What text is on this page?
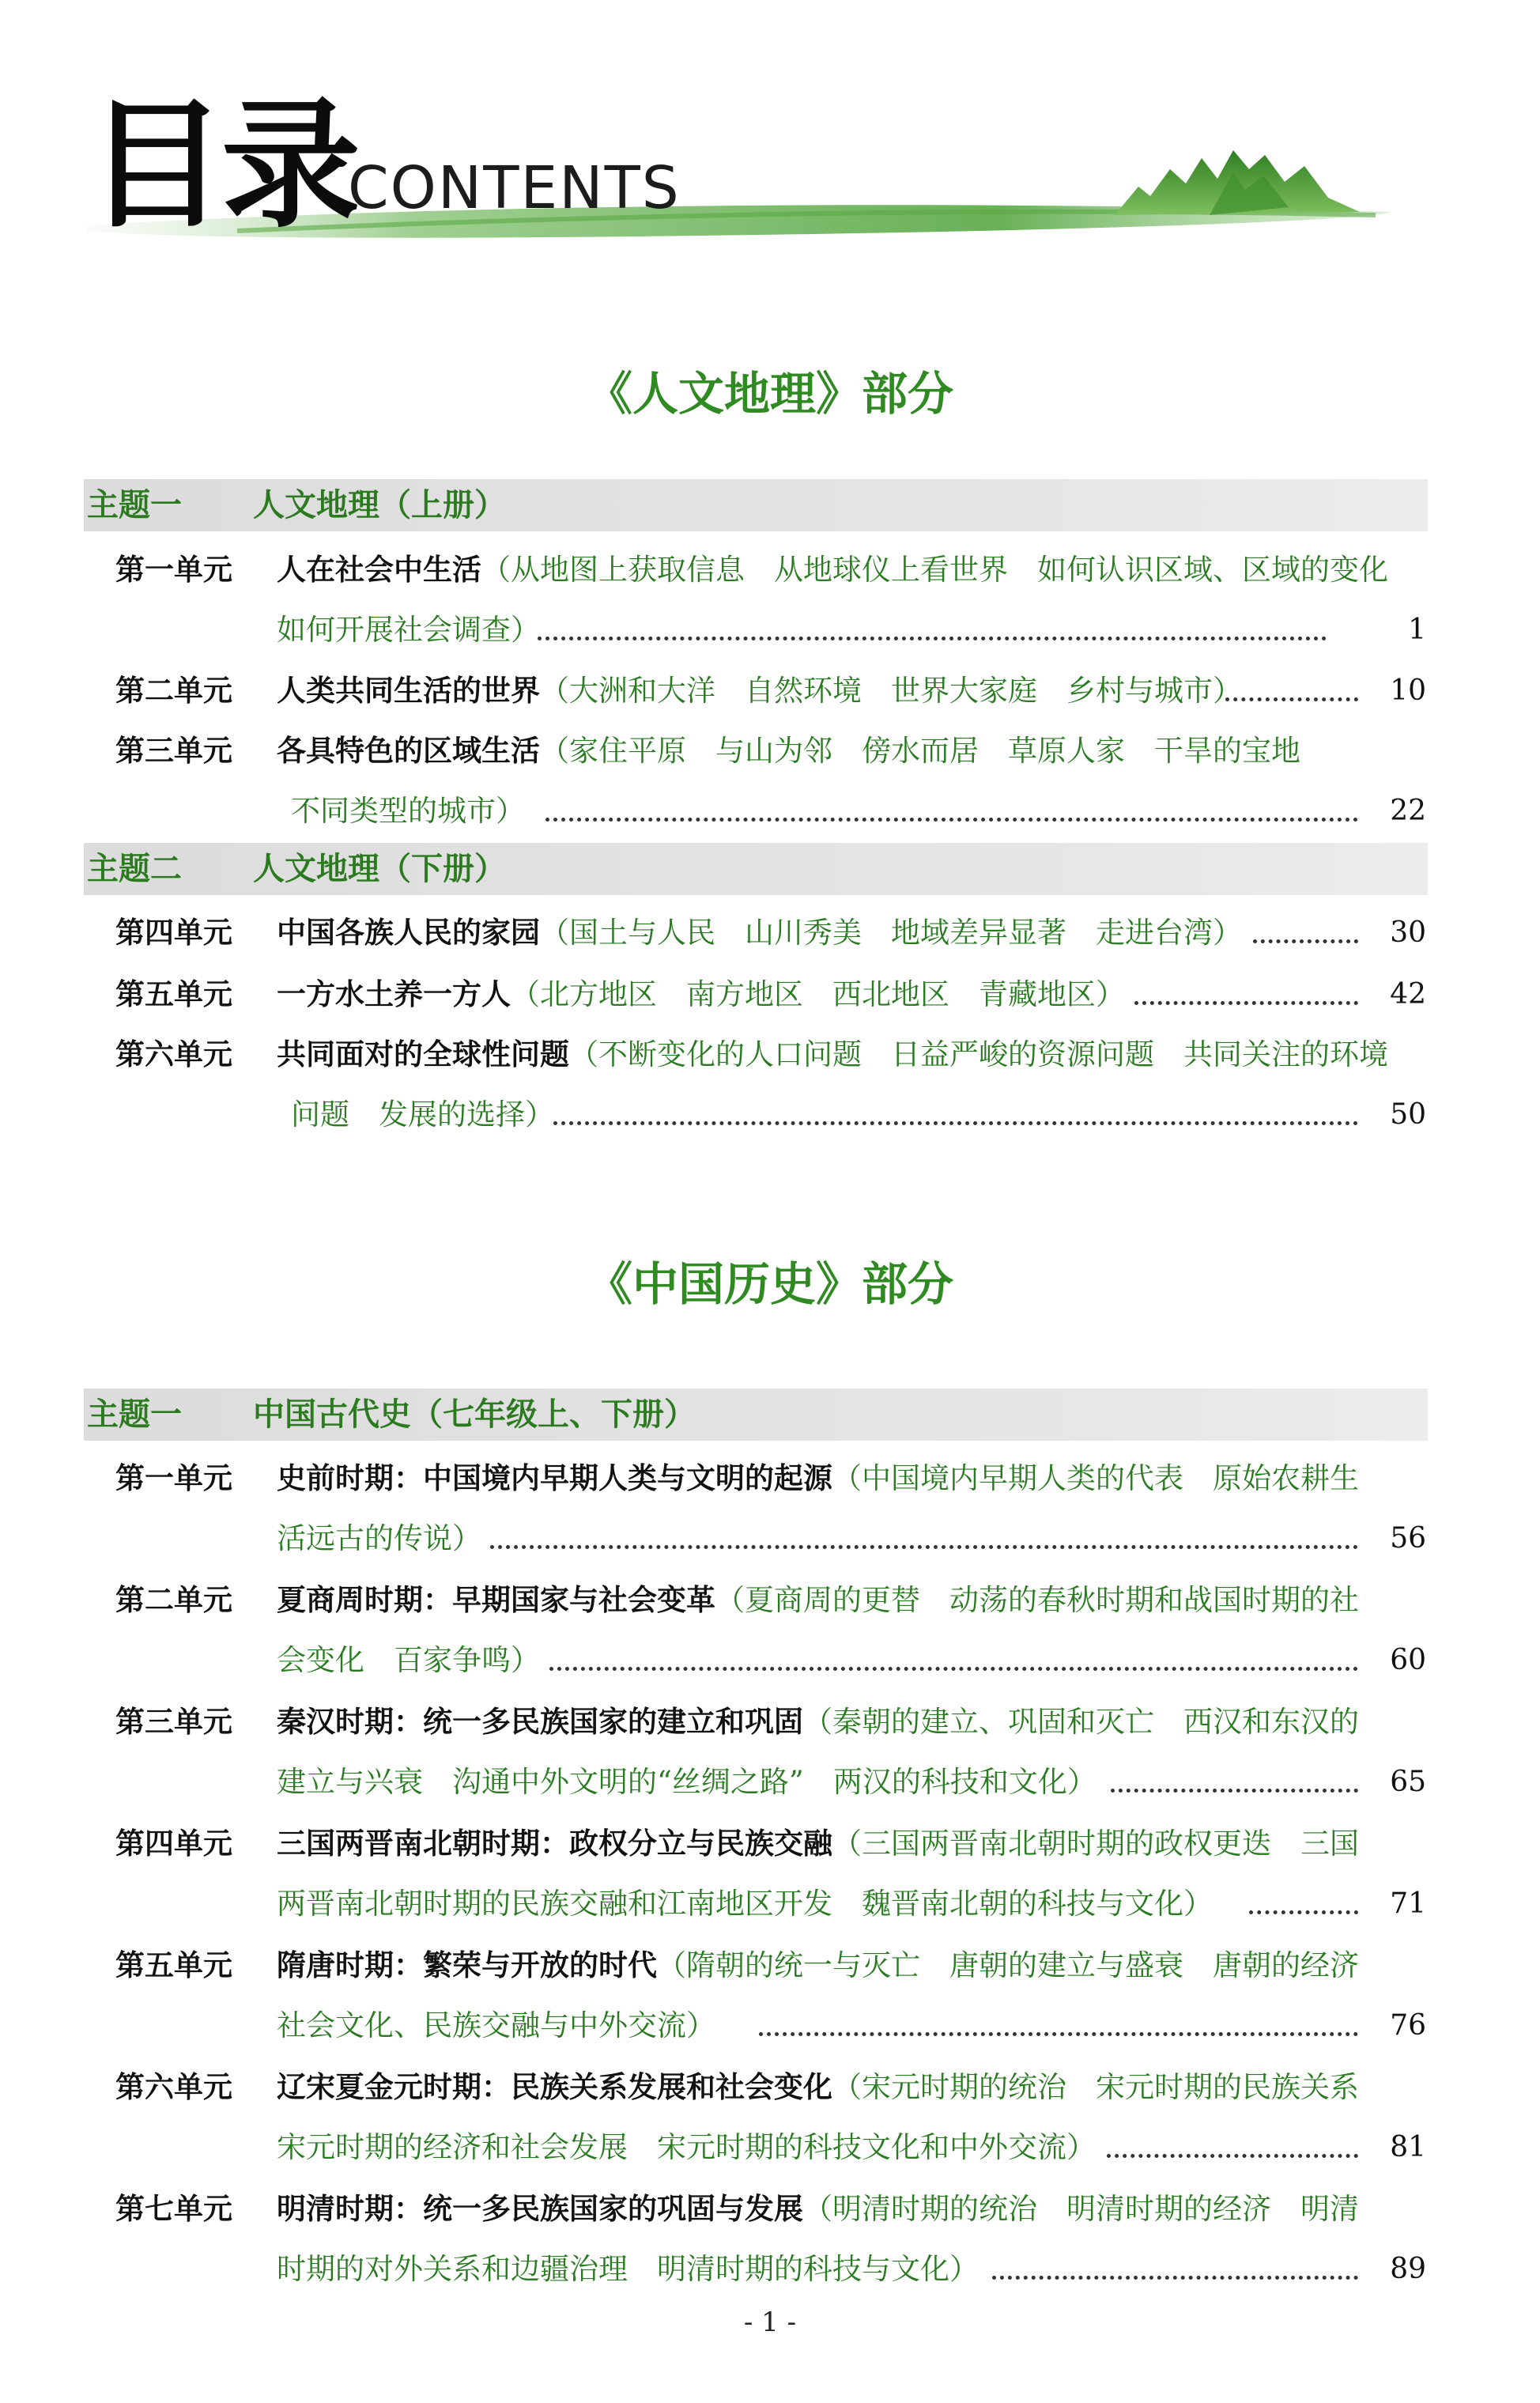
目录
CONTENTS
《人文地理》部分
主题一 人文地理（上册）
第一单元 人在社会中生活（从地图上获取信息　从地球仪上看世界　如何认识区域、区域的变化
如何开展社会调查）	1
第二单元 人类共同生活的世界（大洲和大洋　自然环境　世界大家庭　乡村与城市）	10
第三单元 各具特色的区域生活（家住平原　与山为邻　傍水而居　草原人家　干旱的宝地
不同类型的城市）	22
主题二 人文地理（下册）
第四单元 中国各族人民的家园（国土与人民　山川秀美　地域差异显著　走进台湾）	30
第五单元 一方水土养一方人（北方地区　南方地区　西北地区　青藏地区）	42
第六单元 共同面对的全球性问题（不断变化的人口问题　日益严峻的资源问题　共同关注的环境
问题　发展的选择）	50
《中国历史》部分
主题一 中国古代史（七年级上、下册）
第一单元 史前时期：中国境内早期人类与文明的起源（中国境内早期人类的代表　原始农耕生
活远古的传说）	56
第二单元 夏商周时期：早期国家与社会变革（夏商周的更替　动荡的春秋时期和战国时期的社
会变化　百家争鸣）	60
第三单元 秦汉时期：统一多民族国家的建立和巩固（秦朝的建立、巩固和灭亡　西汉和东汉的
建立与兴衰　沟通中外文明的“丝绸之路”　两汉的科技和文化）	65
第四单元 三国两晋南北朝时期：政权分立与民族交融（三国两晋南北朝时期的政权更迭　三国
两晋南北朝时期的民族交融和江南地区开发　魏晋南北朝的科技与文化）	71
第五单元 隋唐时期：繁荣与开放的时代（隋朝的统一与灭亡　唐朝的建立与盛衰　唐朝的经济
社会文化、民族交融与中外交流）	76
第六单元 辽宋夏金元时期：民族关系发展和社会变化（宋元时期的统治　宋元时期的民族关系
宋元时期的经济和社会发展　宋元时期的科技文化和中外交流）	81
第七单元 明清时期：统一多民族国家的巩固与发展（明清时期的统治　明清时期的经济　明清
时期的对外关系和边疆治理　明清时期的科技与文化）	89
- 1 -
